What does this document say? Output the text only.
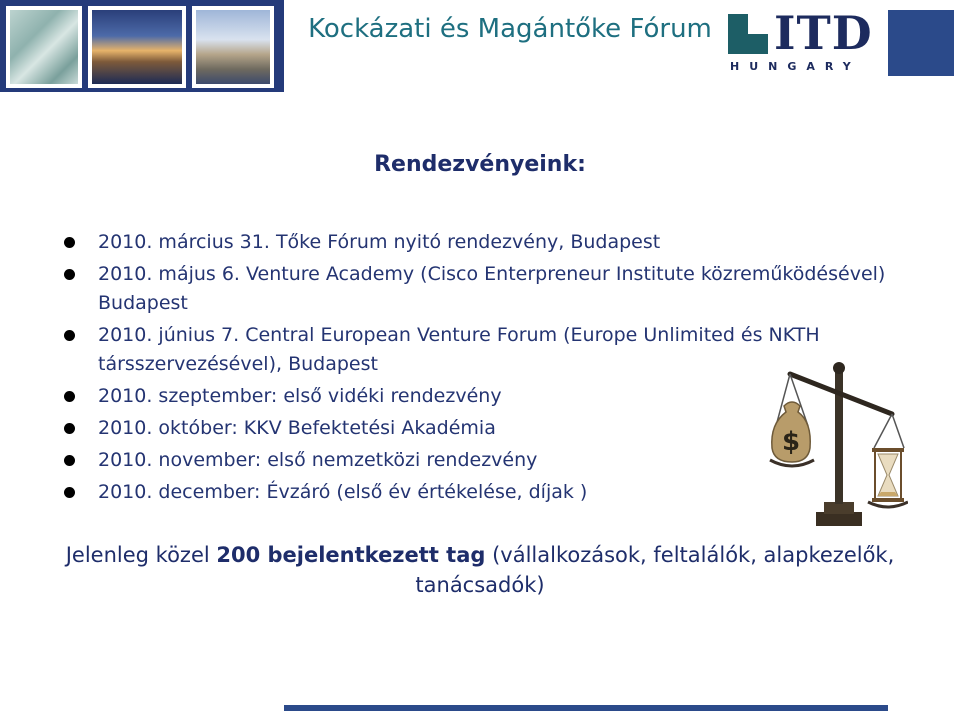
Kockázati és Magántőke Fórum ITD
HUNGARY
Rendezvényeink:
2010. március 31. Tőke Fórum nyitó rendezvény, Budapest
2010. május 6. Venture Academy (Cisco Enterpreneur Institute közreműködésével) Budapest
2010. június 7. Central European Venture Forum (Europe Unlimited és NKTH társszervezésével), Budapest
2010. szeptember: első vidéki rendezvény
2010. október: KKV Befektetési Akadémia
2010. november: első nemzetközi rendezvény
2010. december: Évzáró (első év értékelése, díjak )
$
Jelenleg közel 200 bejelentkezett tag (vállalkozások, feltalálók, alapkezelők, tanácsadók)
